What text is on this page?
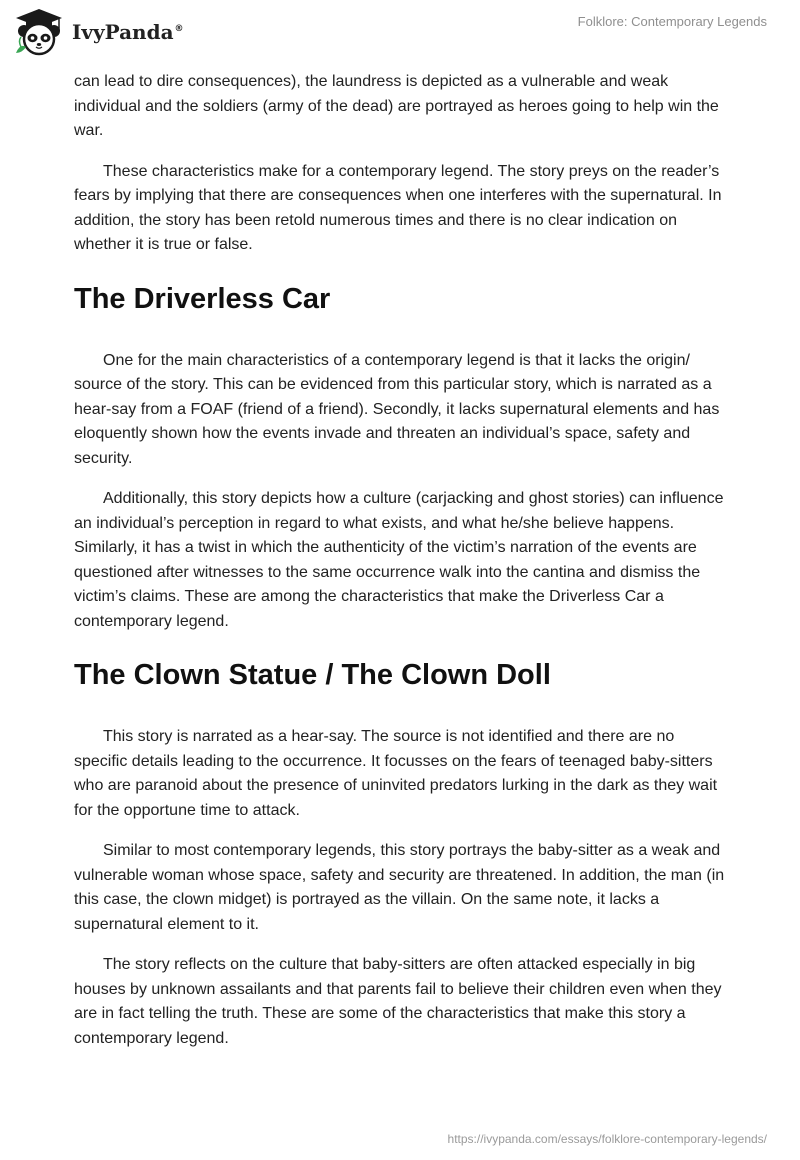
IvyPanda®
Folklore: Contemporary Legends

can lead to dire consequences), the laundress is depicted as a vulnerable and weak individual and the soldiers (army of the dead) are portrayed as heroes going to help win the war.

These characteristics make for a contemporary legend. The story preys on the reader’s fears by implying that there are consequences when one interferes with the supernatural. In addition, the story has been retold numerous times and there is no clear indication on whether it is true or false.

The Driverless Car

One for the main characteristics of a contemporary legend is that it lacks the origin/ source of the story. This can be evidenced from this particular story, which is narrated as a hear-say from a FOAF (friend of a friend). Secondly, it lacks supernatural elements and has eloquently shown how the events invade and threaten an individual’s space, safety and security.

Additionally, this story depicts how a culture (carjacking and ghost stories) can influence an individual’s perception in regard to what exists, and what he/she believe happens. Similarly, it has a twist in which the authenticity of the victim’s narration of the events are questioned after witnesses to the same occurrence walk into the cantina and dismiss the victim’s claims. These are among the characteristics that make the Driverless Car a contemporary legend.

The Clown Statue / The Clown Doll

This story is narrated as a hear-say. The source is not identified and there are no specific details leading to the occurrence. It focusses on the fears of teenaged baby-sitters who are paranoid about the presence of uninvited predators lurking in the dark as they wait for the opportune time to attack.

Similar to most contemporary legends, this story portrays the baby-sitter as a weak and vulnerable woman whose space, safety and security are threatened. In addition, the man (in this case, the clown midget) is portrayed as the villain. On the same note, it lacks a supernatural element to it.

The story reflects on the culture that baby-sitters are often attacked especially in big houses by unknown assailants and that parents fail to believe their children even when they are in fact telling the truth. These are some of the characteristics that make this story a contemporary legend.

https://ivypanda.com/essays/folklore-contemporary-legends/
